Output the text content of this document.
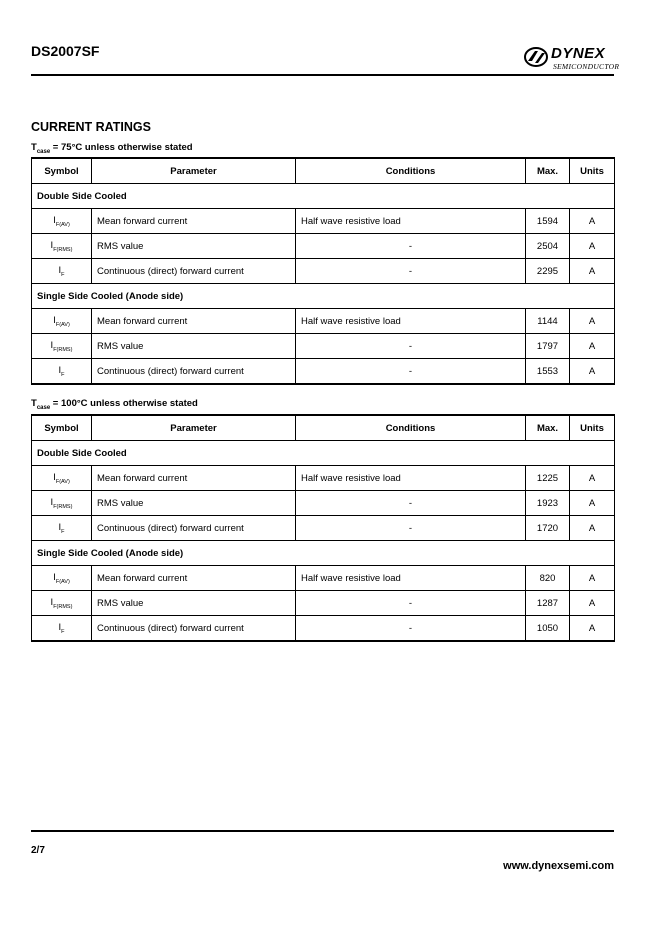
DS2007SF	DYNEX
SEMICONDUCTOR
CURRENT RATINGS
$T_{case} = 75^\circ C$ unless otherwise stated
Symbol	Parameter	Conditions	Max.	Units
Double Side Cooled				
$I_{F(AV)}$	Mean forward current	Half wave resistive load	1594	A
$I_{F(RMS)}$	RMS value	-	2504	A
$I_F$	Continuous (direct) forward current	-	2295	A
Single Side Cooled (Anode side)				
$I_{F(AV)}$	Mean forward current	Half wave resistive load	1144	A
$I_{F(RMS)}$	RMS value	-	1797	A
$I_F$	Continuous (direct) forward current	-	1553	A
$T_{case} = 100^\circ C$ unless otherwise stated
Symbol	Parameter	Conditions	Max.	Units
Double Side Cooled				
$I_{F(AV)}$	Mean forward current	Half wave resistive load	1225	A
$I_{F(RMS)}$	RMS value	-	1923	A
$I_F$	Continuous (direct) forward current	-	1720	A
Single Side Cooled (Anode side)				
$I_{F(AV)}$	Mean forward current	Half wave resistive load	820	A
$I_{F(RMS)}$	RMS value	-	1287	A
$I_F$	Continuous (direct) forward current	-	1050	A
2/7
www.dynexsemi.com
